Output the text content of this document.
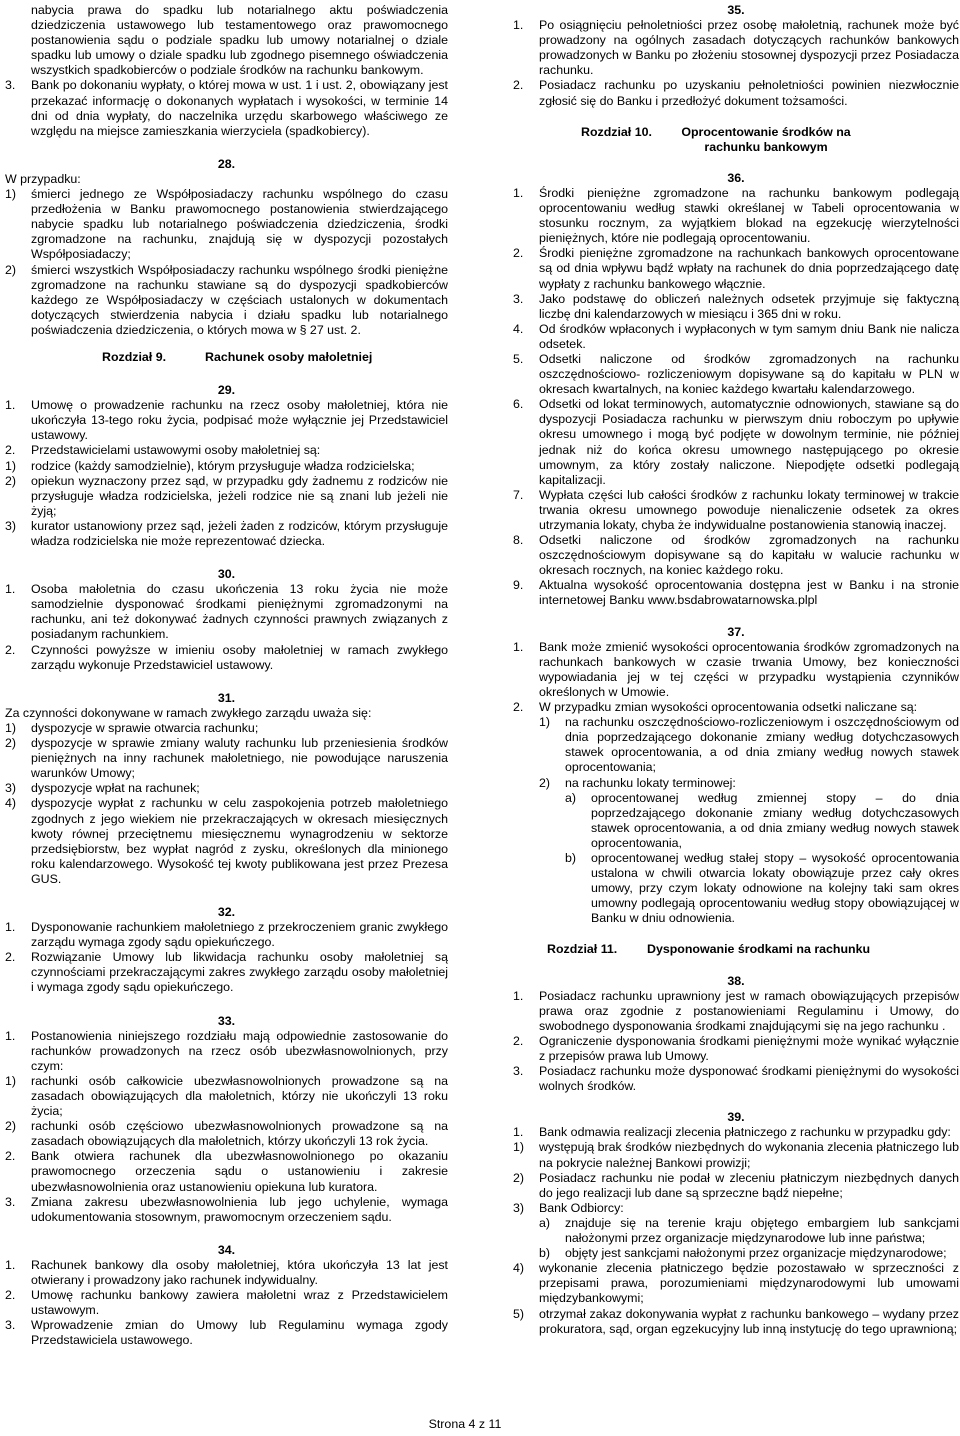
nabycia prawa do spadku lub notarialnego aktu poświadczenia dziedziczenia ustawowego lub testamentowego oraz prawomocnego postanowienia sądu o podziale spadku lub umowy notarialnej o dziale spadku lub umowy o dziale spadku lub zgodnego pisemnego oświadczenia wszystkich spadkobierców o podziale środków na rachunku bankowym.

3.	Bank po dokonaniu wypłaty, o której mowa w ust. 1 i ust. 2, obowiązany jest przekazać informację o dokonanych wypłatach i wysokości, w terminie 14 dni od dnia wypłaty, do naczelnika urzędu skarbowego właściwego ze względu na miejsce zamieszkania wierzyciela (spadkobiercy).

28.

W przypadku:

1)	śmierci jednego ze Współposiadaczy rachunku wspólnego do czasu przedłożenia w Banku prawomocnego postanowienia stwierdzającego nabycie spadku lub notarialnego poświadczenia dziedziczenia, środki zgromadzone na rachunku, znajdują się w dyspozycji pozostałych Współposiadaczy;
2)	śmierci wszystkich Współposiadaczy rachunku wspólnego środki pieniężne zgromadzone na rachunku stawiane są do dyspozycji spadkobierców każdego ze Współposiadaczy w częściach ustalonych w dokumentach dotyczących stwierdzenia nabycia i działu spadku lub notarialnego poświadczenia dziedziczenia, o których mowa w § 27 ust. 2.
Rozdział 9.	Rachunek osoby małoletniej

29.

1.	Umowę o prowadzenie rachunku na rzecz osoby małoletniej, która nie ukończyła 13-tego roku życia, podpisać może wyłącznie jej Przedstawiciel ustawowy.
2.	Przedstawicielami ustawowymi osoby małoletniej są:
1)	rodzice (każdy samodzielnie), którym przysługuje władza rodzicielska;
2)	opiekun wyznaczony przez sąd, w przypadku gdy żadnemu z rodziców nie przysługuje władza rodzicielska, jeżeli rodzice nie są znani lub jeżeli nie żyją;
3)	kurator ustanowiony przez sąd, jeżeli żaden z rodziców, którym przysługuje władza rodzicielska nie może reprezentować dziecka.

30.

1.	Osoba małoletnia do czasu ukończenia 13 roku życia nie może samodzielnie dysponować środkami pieniężnymi zgromadzonymi na rachunku, ani też dokonywać żadnych czynności prawnych związanych z posiadanym rachunkiem.
2.	Czynności powyższe w imieniu osoby małoletniej w ramach zwykłego zarządu wykonuje Przedstawiciel ustawowy.

31.

Za czynności dokonywane w ramach zwykłego zarządu uważa się:

1)	dyspozycje w sprawie otwarcia rachunku;
2)	dyspozycje w sprawie zmiany waluty rachunku lub przeniesienia środków pieniężnych na inny rachunek małoletniego, nie powodujące naruszenia warunków Umowy;
3)	dyspozycje wpłat na rachunek;
4)	dyspozycje wypłat z rachunku w celu zaspokojenia potrzeb małoletniego zgodnych z jego wiekiem nie przekraczających w okresach miesięcznych kwoty równej przeciętnemu miesięcznemu wynagrodzeniu w sektorze przedsiębiorstw, bez wypłat nagród z zysku, określonych dla minionego roku kalendarzowego. Wysokość tej kwoty publikowana jest przez Prezesa GUS.

32.

1.	Dysponowanie rachunkiem małoletniego z przekroczeniem granic zwykłego zarządu wymaga zgody sądu opiekuńczego.
2.	Rozwiązanie Umowy lub likwidacja rachunku osoby małoletniej są czynnościami przekraczającymi zakres zwykłego zarządu osoby małoletniej i wymaga zgody sądu opiekuńczego.

33.

1.	Postanowienia niniejszego rozdziału mają odpowiednie zastosowanie do rachunków prowadzonych na rzecz osób ubezwłasnowolnionych, przy czym:
1)	rachunki osób całkowicie ubezwłasnowolnionych prowadzone są na zasadach obowiązujących dla małoletnich, którzy nie ukończyli 13 roku życia;
2)	rachunki osób częściowo ubezwłasnowolnionych prowadzone są na zasadach obowiązujących dla małoletnich, którzy ukończyli 13 rok życia.
2.	Bank otwiera rachunek dla ubezwłasnowolnionego po okazaniu prawomocnego orzeczenia sądu o ustanowieniu i zakresie ubezwłasnowolnienia oraz ustanowieniu opiekuna lub kuratora.
3.	Zmiana zakresu ubezwłasnowolnienia lub jego uchylenie, wymaga udokumentowania stosownym, prawomocnym orzeczeniem sądu.

34.

1.	Rachunek bankowy dla osoby małoletniej, która ukończyła 13 lat jest otwierany i prowadzony jako rachunek indywidualny.
2.	Umowę rachunku bankowy zawiera małoletni wraz z Przedstawicielem ustawowym.
3.	Wprowadzenie zmian do Umowy lub Regulaminu wymaga zgody Przedstawiciela ustawowego.

35.

1.	Po osiągnięciu pełnoletniości przez osobę małoletnią, rachunek może być prowadzony na ogólnych zasadach dotyczących rachunków bankowych prowadzonych w Banku po złożeniu stosownej dyspozycji przez Posiadacza rachunku.
2.	Posiadacz rachunku po uzyskaniu pełnoletniości powinien niezwłocznie zgłosić się do Banku i przedłożyć dokument tożsamości.
Rozdział 10.	Oprocentowanie środków na rachunku bankowym

36.

1.	Środki pieniężne zgromadzone na rachunku bankowym podlegają oprocentowaniu według stawki określanej w Tabeli oprocentowania w stosunku rocznym, za wyjątkiem blokad na egzekucję wierzytelności pieniężnych, które nie podlegają oprocentowaniu.
2.	Środki pieniężne zgromadzone na rachunkach bankowych oprocentowane są od dnia wpływu bądź wpłaty na rachunek do dnia poprzedzającego datę wypłaty z rachunku bankowego włącznie.
3.	Jako podstawę do obliczeń należnych odsetek przyjmuje się faktyczną liczbę dni kalendarzowych w miesiącu i 365 dni w roku.
4.	Od środków wpłaconych i wypłaconych w tym samym dniu Bank nie nalicza odsetek.
5.	Odsetki naliczone od środków zgromadzonych na rachunku oszczędnościowo- rozliczeniowym dopisywane są do kapitału w PLN w okresach kwartalnych, na koniec każdego kwartału kalendarzowego.
6.	Odsetki od lokat terminowych, automatycznie odnowionych, stawiane są do dyspozycji Posiadacza rachunku w pierwszym dniu roboczym po upływie okresu umownego i mogą być podjęte w dowolnym terminie, nie później jednak niż do końca okresu umownego następującego po okresie umownym, za który zostały naliczone. Niepodjęte odsetki podlegają kapitalizacji.
7.	Wypłata części lub całości środków z rachunku lokaty terminowej w trakcie trwania okresu umownego powoduje nienaliczenie odsetek za okres utrzymania lokaty, chyba że indywidualne postanowienia stanowią inaczej.
8.	Odsetki naliczone od środków zgromadzonych na rachunku oszczędnościowym dopisywane są do kapitału w walucie rachunku w okresach rocznych, na koniec każdego roku.
9.	Aktualna wysokość oprocentowania dostępna jest w Banku i na stronie internetowej Banku www.bsdabrowatarnowska.plpl

37.

1.	Bank może zmienić wysokości oprocentowania środków zgromadzonych na rachunkach bankowych w czasie trwania Umowy, bez konieczności wypowiadania jej w tej części w przypadku wystąpienia czynników określonych w Umowie.
2.	W przypadku zmian wysokości oprocentowania odsetki naliczane są:
1)	na rachunku oszczędnościowo-rozliczeniowym i oszczędnościowym od dnia poprzedzającego dokonanie zmiany według dotychczasowych stawek oprocentowania, a od dnia zmiany według nowych stawek oprocentowania;
2)	na rachunku lokaty terminowej:
a)	oprocentowanej według zmiennej stopy – do dnia poprzedzającego dokonanie zmiany według dotychczasowych stawek oprocentowania, a od dnia zmiany według nowych stawek oprocentowania,
b)	oprocentowanej według stałej stopy – wysokość oprocentowania ustalona w chwili otwarcia lokaty obowiązuje przez cały okres umowy, przy czym lokaty odnowione na kolejny taki sam okres umowny podlegają oprocentowaniu według stopy obowiązującej w Banku w dniu odnowienia.
Rozdział 11.	Dysponowanie środkami na rachunku

38.

1.	Posiadacz rachunku uprawniony jest w ramach obowiązujących przepisów prawa oraz zgodnie z postanowieniami Regulaminu i Umowy, do swobodnego dysponowania środkami znajdującymi się na jego rachunku .
2.	Ograniczenie dysponowania środkami pieniężnymi może wynikać wyłącznie z przepisów prawa lub Umowy.
3.	Posiadacz rachunku może dysponować środkami pieniężnymi do wysokości wolnych środków.

39.

1.	Bank odmawia realizacji zlecenia płatniczego z rachunku w przypadku gdy:
1)	występują brak środków niezbędnych do wykonania zlecenia płatniczego lub na pokrycie należnej Bankowi prowizji;
2)	Posiadacz rachunku nie podał w zleceniu płatniczym niezbędnych danych do jego realizacji lub dane są sprzeczne bądź niepełne;
3)	Bank Odbiorcy:
a)	znajduje się na terenie kraju objętego embargiem lub sankcjami nałożonymi przez organizacje międzynarodowe lub inne państwa;
b)	objęty jest sankcjami nałożonymi przez organizacje międzynarodowe;
4)	wykonanie zlecenia płatniczego będzie pozostawało w sprzeczności z przepisami prawa, porozumieniami międzynarodowymi lub umowami międzybankowymi;
5)	otrzymał zakaz dokonywania wypłat z rachunku bankowego – wydany przez prokuratora, sąd, organ egzekucyjny lub inną instytucję do tego uprawnioną;
Strona 4 z 11
